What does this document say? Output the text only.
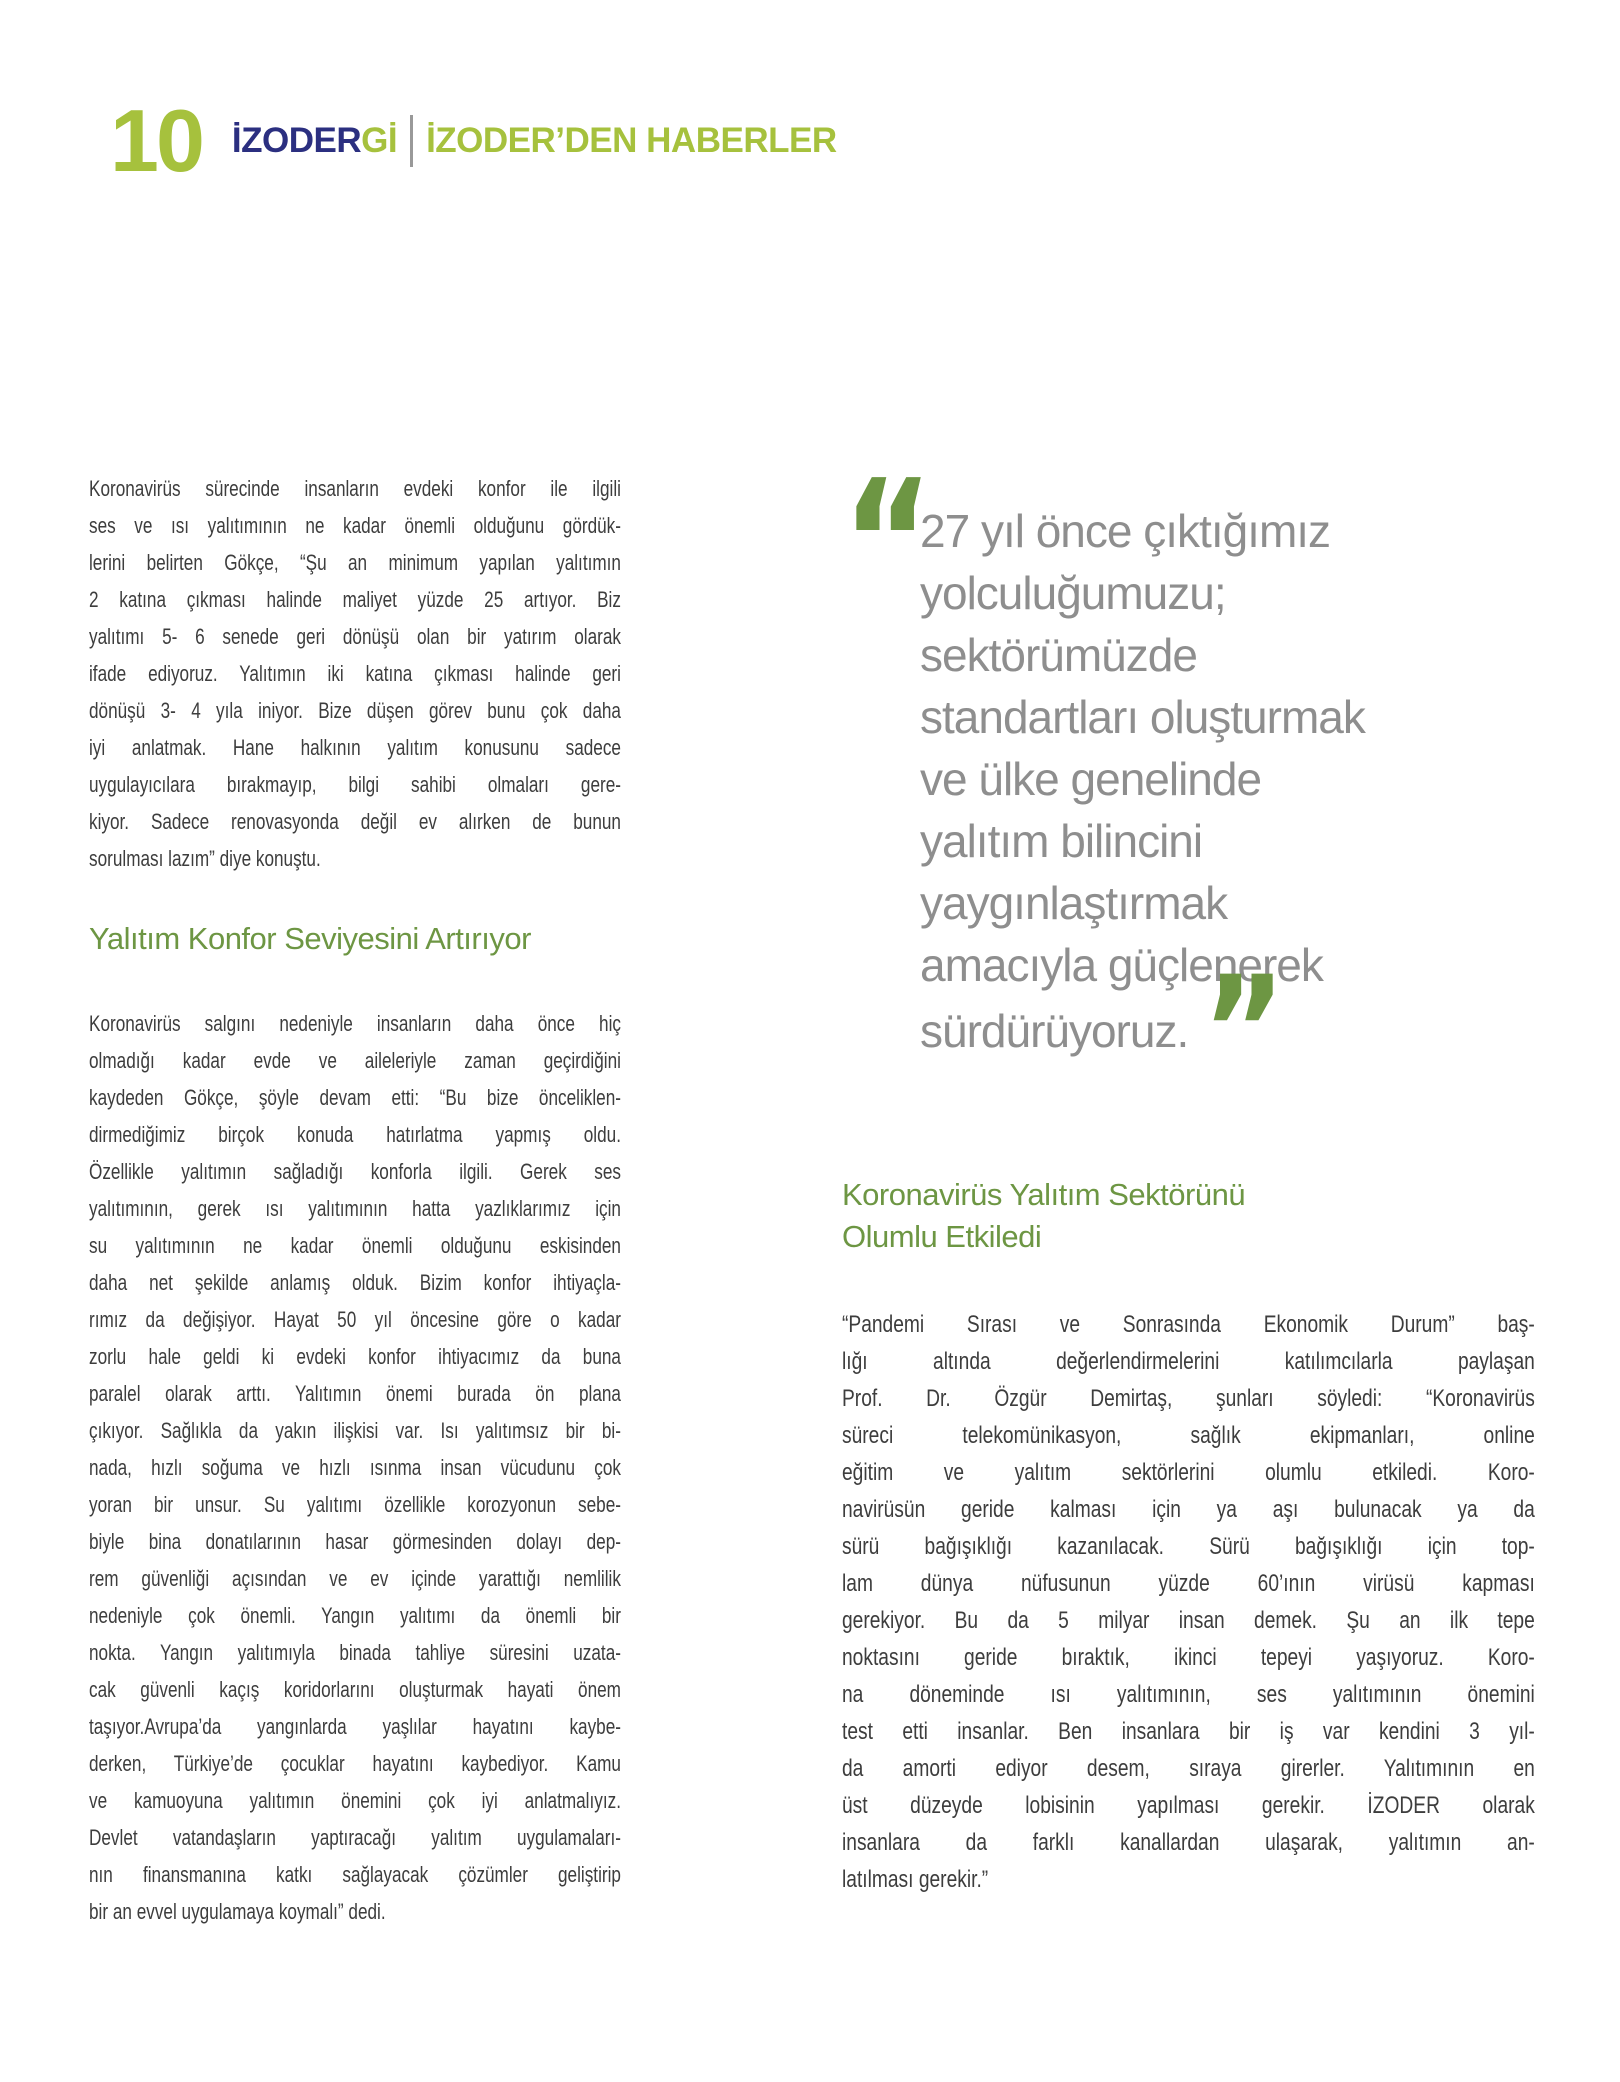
10 İZODERGİ İZODER’DEN HABERLER
Koronavirüs sürecinde insanların evdeki konfor ile ilgili
ses ve ısı yalıtımının ne kadar önemli olduğunu gördük-
lerini belirten Gökçe, “Şu an minimum yapılan yalıtımın
2 katına çıkması halinde maliyet yüzde 25 artıyor. Biz
yalıtımı 5- 6 senede geri dönüşü olan bir yatırım olarak
ifade ediyoruz. Yalıtımın iki katına çıkması halinde geri
dönüşü 3- 4 yıla iniyor. Bize düşen görev bunu çok daha
iyi anlatmak. Hane halkının yalıtım konusunu sadece
uygulayıcılara bırakmayıp, bilgi sahibi olmaları gere-
kiyor. Sadece renovasyonda değil ev alırken de bunun
sorulması lazım” diye konuştu.
Yalıtım Konfor Seviyesini Artırıyor
Koronavirüs salgını nedeniyle insanların daha önce hiç
olmadığı kadar evde ve aileleriyle zaman geçirdiğini
kaydeden Gökçe, şöyle devam etti: “Bu bize önceliklen-
dirmediğimiz birçok konuda hatırlatma yapmış oldu.
Özellikle yalıtımın sağladığı konforla ilgili. Gerek ses
yalıtımının, gerek ısı yalıtımının hatta yazlıklarımız için
su yalıtımının ne kadar önemli olduğunu eskisinden
daha net şekilde anlamış olduk. Bizim konfor ihtiyaçla-
rımız da değişiyor. Hayat 50 yıl öncesine göre o kadar
zorlu hale geldi ki evdeki konfor ihtiyacımız da buna
paralel olarak arttı. Yalıtımın önemi burada ön plana
çıkıyor. Sağlıkla da yakın ilişkisi var. Isı yalıtımsız bir bi-
nada, hızlı soğuma ve hızlı ısınma insan vücudunu çok
yoran bir unsur. Su yalıtımı özellikle korozyonun sebe-
biyle bina donatılarının hasar görmesinden dolayı dep-
rem güvenliği açısından ve ev içinde yarattığı nemlilik
nedeniyle çok önemli. Yangın yalıtımı da önemli bir
nokta. Yangın yalıtımıyla binada tahliye süresini uzata-
cak güvenli kaçış koridorlarını oluşturmak hayati önem
taşıyor.Avrupa’da yangınlarda yaşlılar hayatını kaybe-
derken, Türkiye’de çocuklar hayatını kaybediyor. Kamu
ve kamuoyuna yalıtımın önemini çok iyi anlatmalıyız.
Devlet vatandaşların yaptıracağı yalıtım uygulamaları-
nın finansmanına katkı sağlayacak çözümler geliştirip
bir an evvel uygulamaya koymalı” dedi.
“
27 yıl önce çıktığımız
yolculuğumuzu;
sektörümüzde
standartları oluşturmak
ve ülke genelinde
yalıtım bilincini
yaygınlaştırmak
amacıyla güçlenerek
sürdürüyoruz.”
Koronavirüs Yalıtım Sektörünü
Olumlu Etkiledi
“Pandemi Sırası ve Sonrasında Ekonomik Durum” baş-
lığı altında değerlendirmelerini katılımcılarla paylaşan
Prof. Dr. Özgür Demirtaş, şunları söyledi: “Koronavirüs
süreci telekomünikasyon, sağlık ekipmanları, online
eğitim ve yalıtım sektörlerini olumlu etkiledi. Koro-
navirüsün geride kalması için ya aşı bulunacak ya da
sürü bağışıklığı kazanılacak. Sürü bağışıklığı için top-
lam dünya nüfusunun yüzde 60’ının virüsü kapması
gerekiyor. Bu da 5 milyar insan demek. Şu an ilk tepe
noktasını geride bıraktık, ikinci tepeyi yaşıyoruz. Koro-
na döneminde ısı yalıtımının, ses yalıtımının önemini
test etti insanlar. Ben insanlara bir iş var kendini 3 yıl-
da amorti ediyor desem, sıraya girerler. Yalıtımının en
üst düzeyde lobisinin yapılması gerekir. İZODER olarak
insanlara da farklı kanallardan ulaşarak, yalıtımın an-
latılması gerekir.”
